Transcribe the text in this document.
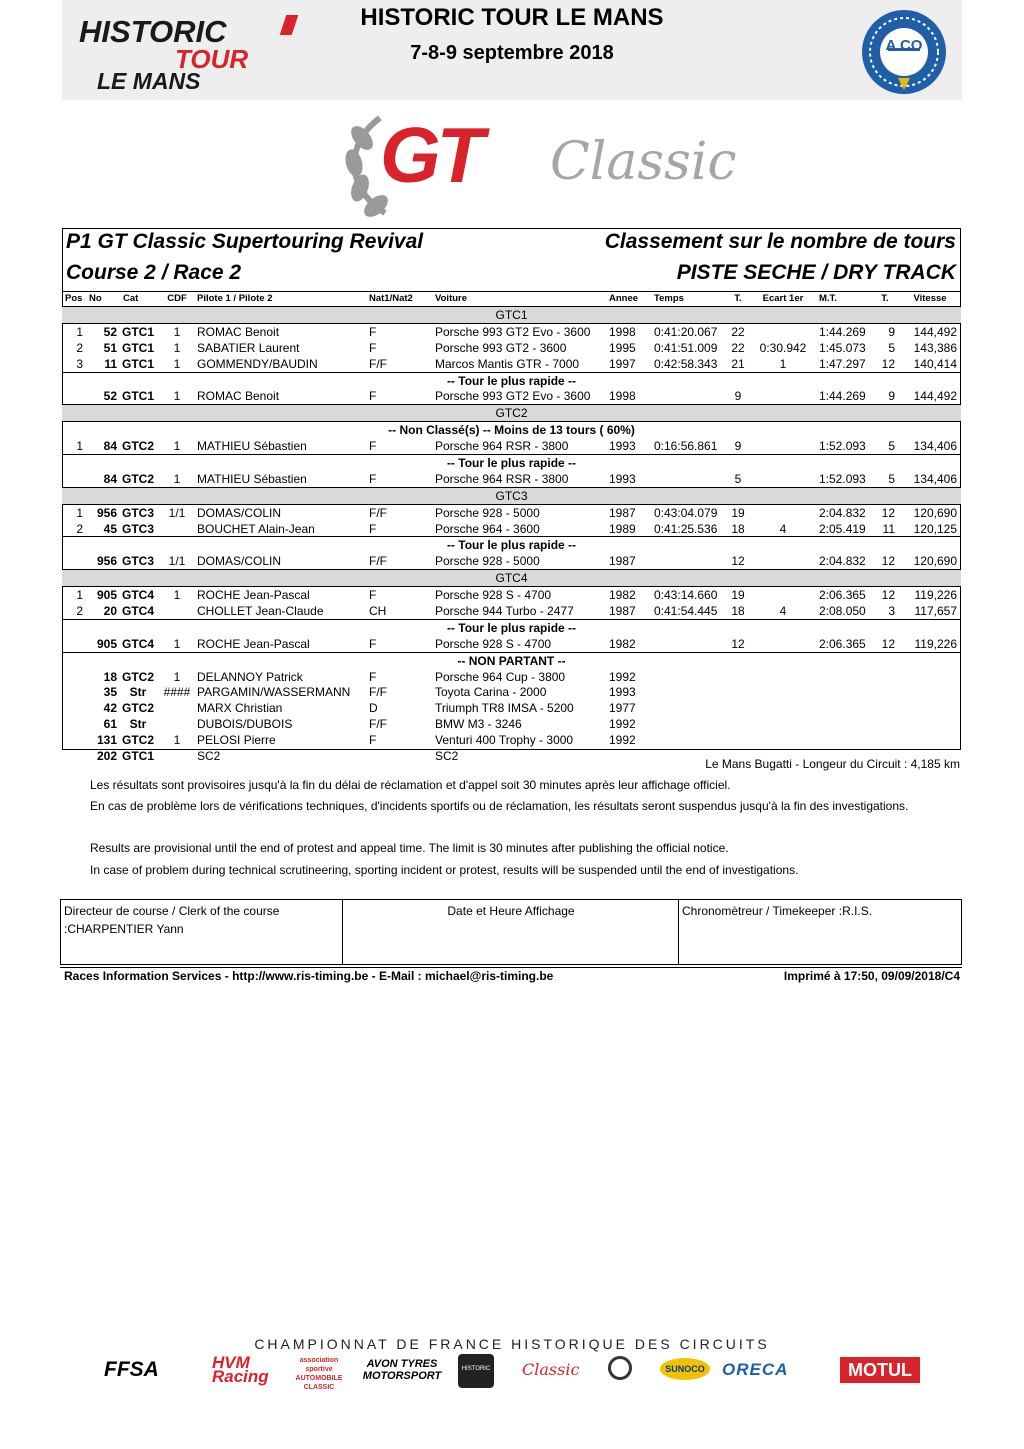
HISTORIC
TOUR
LE MANS
HISTORIC TOUR LE MANS
7-8-9 septembre 2018	A CO
GT Classic
P1 GT Classic Supertouring Revival
Course 2 / Race 2
Classement sur le nombre de tours
PISTE SECHE / DRY TRACK
Pos	No	Cat	CDF	Pilote 1 / Pilote 2	Nat1/Nat2	Voiture	Annee	Temps	T.	Ecart 1er	M.T.	T.	Vitesse
GTC1													
1	52	GTC1	1	ROMAC Benoit	F	Porsche 993 GT2 Evo - 3600	1998	0:41:20.067	22		1:44.269	9	144,492
2	51	GTC1	1	SABATIER Laurent	F	Porsche 993 GT2 - 3600	1995	0:41:51.009	22	0:30.942	1:45.073	5	143,386
3	11	GTC1	1	GOMMENDY/BAUDIN	F/F	Marcos Mantis GTR - 7000	1997	0:42:58.343	21	1	1:47.297	12	140,414
-- Tour le plus rapide --													
	52	GTC1	1	ROMAC Benoit	F	Porsche 993 GT2 Evo - 3600	1998		9		1:44.269	9	144,492
GTC2													
-- Non Classé(s) -- Moins de 13 tours ( 60%)													
1	84	GTC2	1	MATHIEU Sébastien	F	Porsche 964 RSR - 3800	1993	0:16:56.861	9		1:52.093	5	134,406
-- Tour le plus rapide --													
	84	GTC2	1	MATHIEU Sébastien	F	Porsche 964 RSR - 3800	1993		5		1:52.093	5	134,406
GTC3													
1	956	GTC3	1/1	DOMAS/COLIN	F/F	Porsche 928 - 5000	1987	0:43:04.079	19		2:04.832	12	120,690
2	45	GTC3		BOUCHET Alain-Jean	F	Porsche 964 - 3600	1989	0:41:25.536	18	4	2:05.419	11	120,125
-- Tour le plus rapide --													
	956	GTC3	1/1	DOMAS/COLIN	F/F	Porsche 928 - 5000	1987		12		2:04.832	12	120,690
GTC4													
1	905	GTC4	1	ROCHE Jean-Pascal	F	Porsche 928 S - 4700	1982	0:43:14.660	19		2:06.365	12	119,226
2	20	GTC4		CHOLLET Jean-Claude	CH	Porsche 944 Turbo - 2477	1987	0:41:54.445	18	4	2:08.050	3	117,657
-- Tour le plus rapide --													
	905	GTC4	1	ROCHE Jean-Pascal	F	Porsche 928 S - 4700	1982		12		2:06.365	12	119,226
-- NON PARTANT --													
	18	GTC2	1	DELANNOY Patrick	F	Porsche 964 Cup - 3800	1992						
	35	Str	####	PARGAMIN/WASSERMANN	F/F	Toyota Carina - 2000	1993						
	42	GTC2		MARX Christian	D	Triumph TR8 IMSA - 5200	1977						
	61	Str		DUBOIS/DUBOIS	F/F	BMW M3 - 3246	1992						
	131	GTC2	1	PELOSI Pierre	F	Venturi 400 Trophy - 3000	1992						
	202	GTC1		SC2		SC2							
Le Mans Bugatti - Longeur du Circuit : 4,185 km
Les résultats sont provisoires jusqu'à la fin du délai de réclamation et d'appel soit 30 minutes après leur affichage officiel.
En cas de problème lors de vérifications techniques, d'incidents sportifs ou de réclamation, les résultats seront suspendus jusqu'à la fin des investigations.
Results are provisional until the end of protest and appeal time. The limit is 30 minutes after publishing the official notice.
In case of problem during technical scrutineering, sporting incident or protest, results will be suspended until the end of investigations.
Directeur de course / Clerk of the course :CHARPENTIER Yann
Date et Heure Affichage	Chronomètreur / Timekeeper :R.I.S.
Races Information Services - http://www.ris-timing.be - E-Mail : michael@ris-timing.be	Imprimé à 17:50, 09/09/2018/C4
CHAMPIONNAT DE FRANCE HISTORIQUE DES CIRCUITS
FFSA	HVM Racing
association sportive AUTOMOBILE CLASSIC
AVON TYRES MOTORSPORT
HISTORIC Classic	SUNOCO	ORECA	MOTUL
